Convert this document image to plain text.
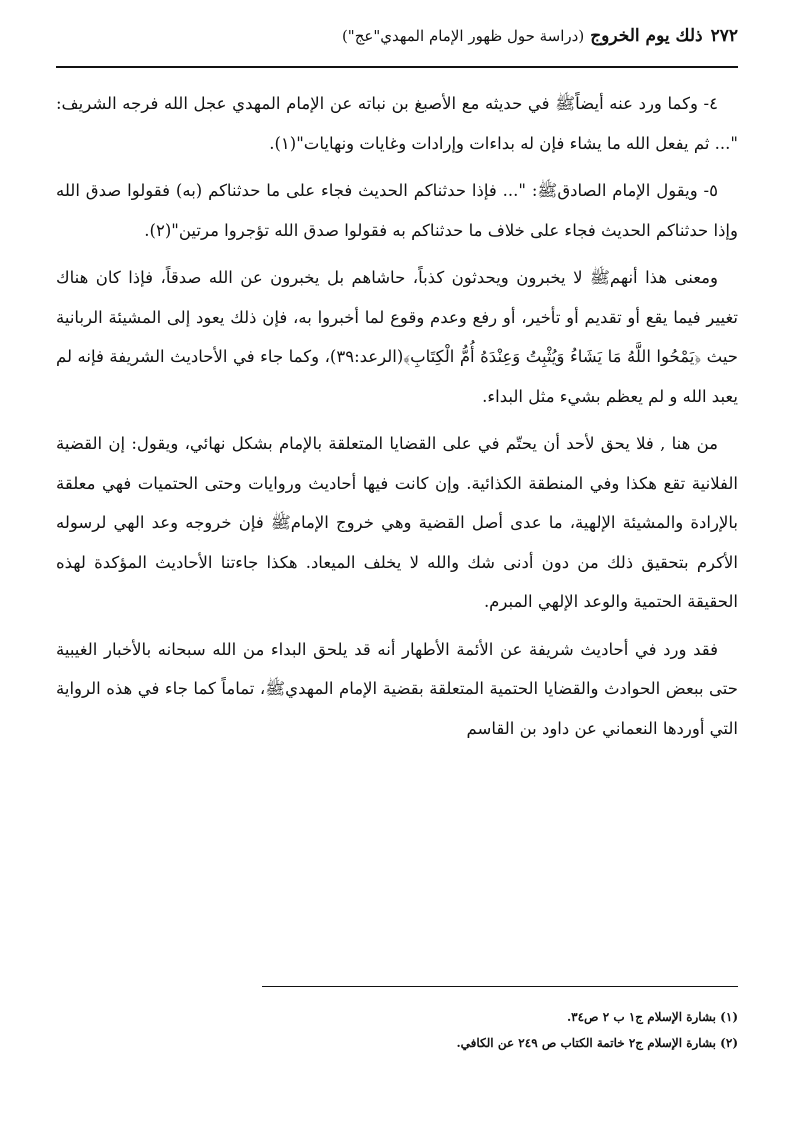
٢٧٢
ذلك يوم الخروج
(دراسة حول ظهور الإمام المهدي"عج")

٤- وكما ورد عنه أيضاًﷺ في حديثه مع الأصبغ بن نباته عن الإمام المهدي عجل الله فرجه الشريف: "... ثم يفعل الله ما يشاء فإن له بداءات وإرادات وغايات ونهايات"(١).

٥- ويقول الإمام الصادقﷺ: "... فإذا حدثناكم الحديث فجاء على ما حدثناكم (به) فقولوا صدق الله وإذا حدثناكم الحديث فجاء على خلاف ما حدثناكم به فقولوا صدق الله تؤجروا مرتين"(٢).

ومعنى هذا أنهمﷺ لا يخبرون ويحدثون كذباً، حاشاهم بل يخبرون عن الله صدقاً، فإذا كان هناك تغيير فيما يقع أو تقديم أو تأخير، أو رفع وعدم وقوع لما أخبروا به، فإن ذلك يعود إلى المشيئة الربانية حيث ﴿يَمْحُوا اللَّهُ مَا يَشَاءُ وَيُثْبِتُ وَعِنْدَهُ أُمُّ الْكِتَابِ﴾(الرعد:٣٩)، وكما جاء في الأحاديث الشريفة فإنه لم يعبد الله و لم يعظم بشيء مثل البداء.

من هنا , فلا يحق لأحد أن يحتّم في على القضايا المتعلقة بالإمام بشكل نهائي، ويقول: إن القضية الفلانية تقع هكذا وفي المنطقة الكذائية. وإن كانت فيها أحاديث وروايات وحتى الحتميات فهي معلقة بالإرادة والمشيئة الإلهية، ما عدى أصل القضية وهي خروج الإمامﷺ فإن خروجه وعد الهي لرسوله الأكرم بتحقيق ذلك من دون أدنى شك والله لا يخلف الميعاد. هكذا جاءتنا الأحاديث المؤكدة لهذه الحقيقة الحتمية والوعد الإلهي المبرم.

فقد ورد في أحاديث شريفة عن الأئمة الأطهار أنه قد يلحق البداء من الله سبحانه بالأخبار الغيبية حتى ببعض الحوادث والقضايا الحتمية المتعلقة بقضية الإمام المهديﷺ، تماماً كما جاء في هذه الرواية التي أوردها النعماني عن داود بن القاسم

(١) بشارة الإسلام ج١ ب ٢ ص٣٤.

(٢) بشارة الإسلام ج٢ خاتمة الكتاب ص ٢٤٩ عن الكافي.
